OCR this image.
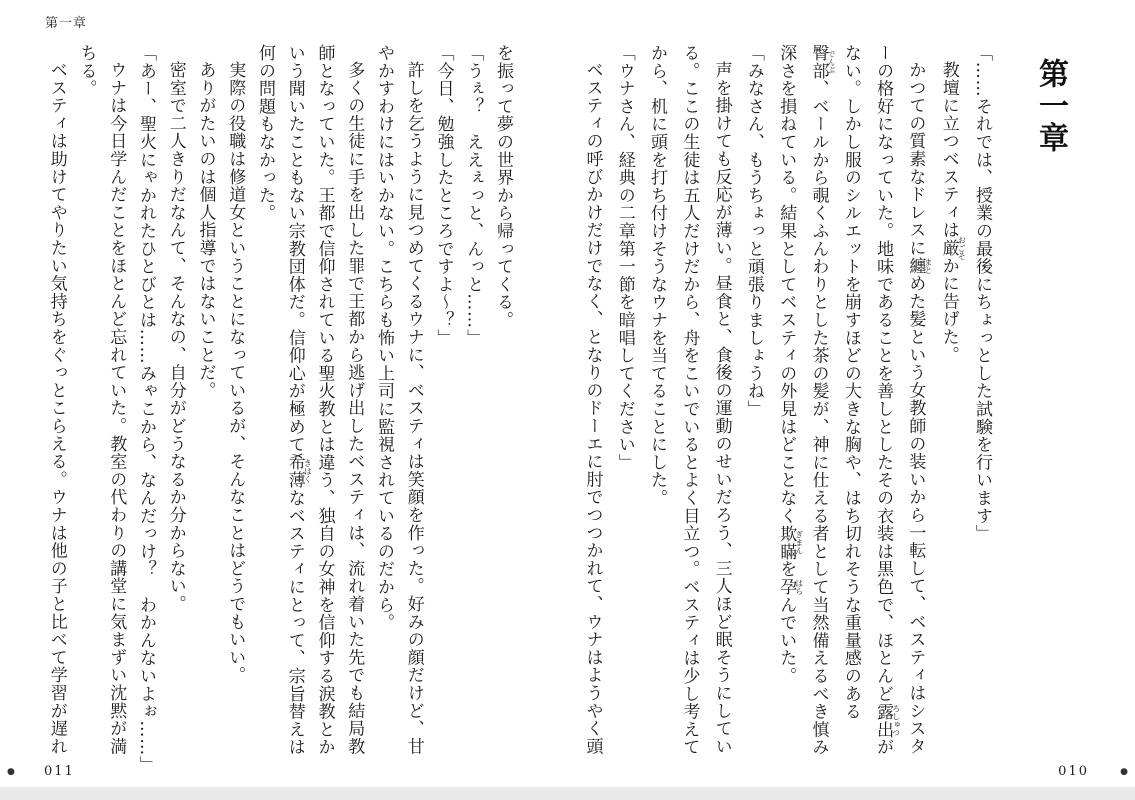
第一章
第一章

「……それでは、授業の最後にちょっとした試験を行います」

教壇に立つベスティは厳おごそかに告げた。

かつての質素なドレスに纏まとめた髪という女教師の装いから一転して、ベスティはシスターの格好になっていた。地味であることを善しとしたその衣装は黒色で、ほとんど露出ろしゅつがない。しかし服のシルエットを崩すほどの大きな胸や、はち切れそうな重量感のある臀部でんぶ、ベールから覗くふんわりとした茶の髪が、神に仕える者として当然備えるべき慎み深さを損ねている。結果としてベスティの外見はどことなく欺瞞ぎまんを孕はらんでいた。

「みなさん、もうちょっと頑張りましょうね」

声を掛けても反応が薄い。昼食と、食後の運動のせいだろう、三人ほど眠そうにしている。ここの生徒は五人だけだから、舟をこいでいるとよく目立つ。ベスティは少し考えてから、机に頭を打ち付けそうなウナを当てることにした。

「ウナさん、経典の二章第一節を暗唱してください」

ベスティの呼びかけだけでなく、となりのドーエに肘でつつかれて、ウナはようやく頭

を振って夢の世界から帰ってくる。

「うぇ？　ええぇっと、んっと……」

「今日、勉強したところですよ〜？」

許しを乞うように見つめてくるウナに、ベスティは笑顔を作った。好みの顔だけど、甘やかすわけにはいかない。こちらも怖い上司に監視されているのだから。

多くの生徒に手を出した罪で王都から逃げ出したベスティは、流れ着いた先でも結局教師となっていた。王都で信仰されている聖火教とは違う、独自の女神を信仰する涙教とかいう聞いたこともない宗教団体だ。信仰心が極めて希薄きはくなベスティにとって、宗旨替えは何の問題もなかった。

実際の役職は修道女ということになっているが、そんなことはどうでもいい。

ありがたいのは個人指導ではないことだ。

密室で二人きりだなんて、そんなの、自分がどうなるか分からない。

「あー、聖火にゃかれたひとびとは……みゃこから、なんだっけ？　わかんないよぉ……」

ウナは今日学んだことをほとんど忘れていた。教室の代わりの講堂に気まずい沈黙が満ちる。

ベスティは助けてやりたい気持ちをぐっとこらえる。ウナは他の子と比べて学習が遅れ

● 011	010	●
